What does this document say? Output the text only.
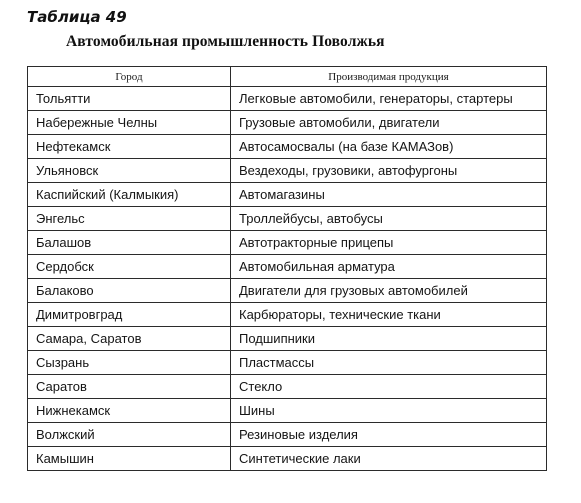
Таблица 49
Автомобильная промышленность Поволжья
Город	Производимая продукция
Тольятти	Легковые автомобили, генераторы, стартеры
Набережные Челны	Грузовые автомобили, двигатели
Нефтекамск	Автосамосвалы (на базе КАМАЗов)
Ульяновск	Вездеходы, грузовики, автофургоны
Каспийский (Калмыкия)	Автомагазины
Энгельс	Троллейбусы, автобусы
Балашов	Автотракторные прицепы
Сердобск	Автомобильная арматура
Балаково	Двигатели для грузовых автомобилей
Димитровград	Карбюраторы, технические ткани
Самара, Саратов	Подшипники
Сызрань	Пластмассы
Саратов	Стекло
Нижнекамск	Шины
Волжский	Резиновые изделия
Камышин	Синтетические лаки
